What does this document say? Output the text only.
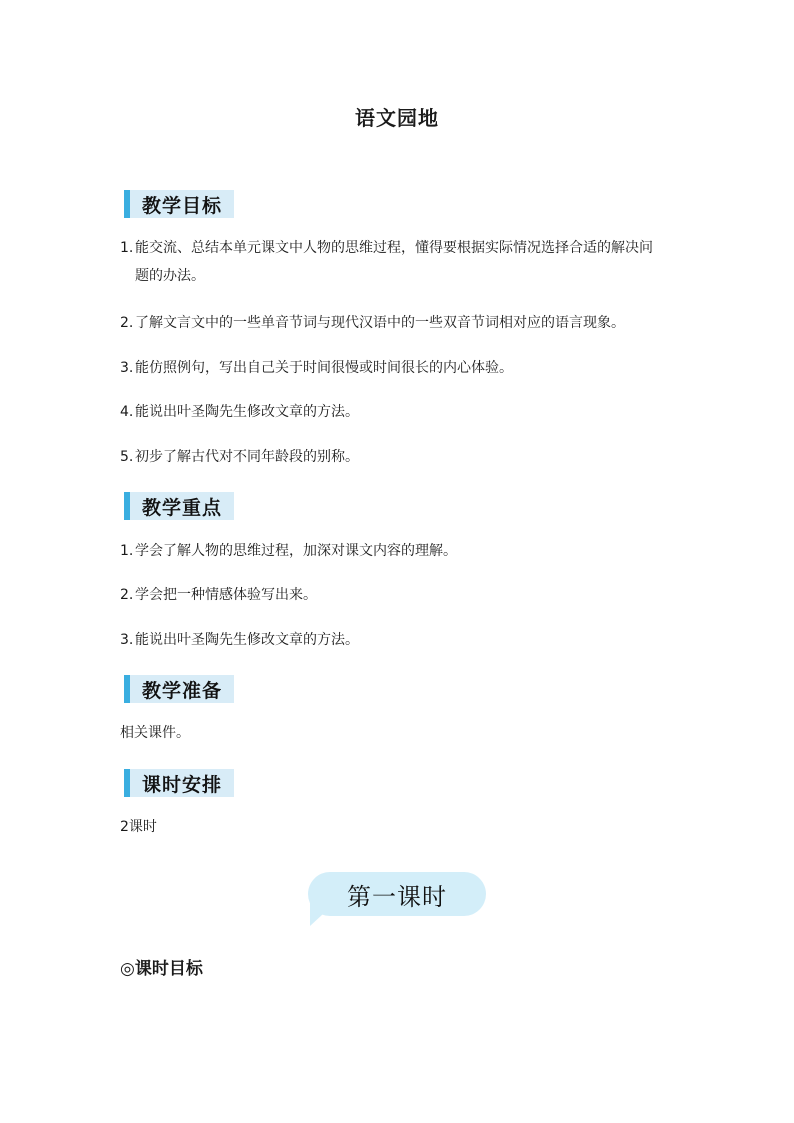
语文园地
教学目标
1. 能交流、总结本单元课文中人物的思维过程，懂得要根据实际情况选择合适的解决问
题的办法。
2. 了解文言文中的一些单音节词与现代汉语中的一些双音节词相对应的语言现象。
3. 能仿照例句，写出自己关于时间很慢或时间很长的内心体验。
4. 能说出叶圣陶先生修改文章的方法。
5. 初步了解古代对不同年龄段的别称。
教学重点
1. 学会了解人物的思维过程，加深对课文内容的理解。
2. 学会把一种情感体验写出来。
3. 能说出叶圣陶先生修改文章的方法。
教学准备
相关课件。
课时安排
2课时
第一课时
◎课时目标
